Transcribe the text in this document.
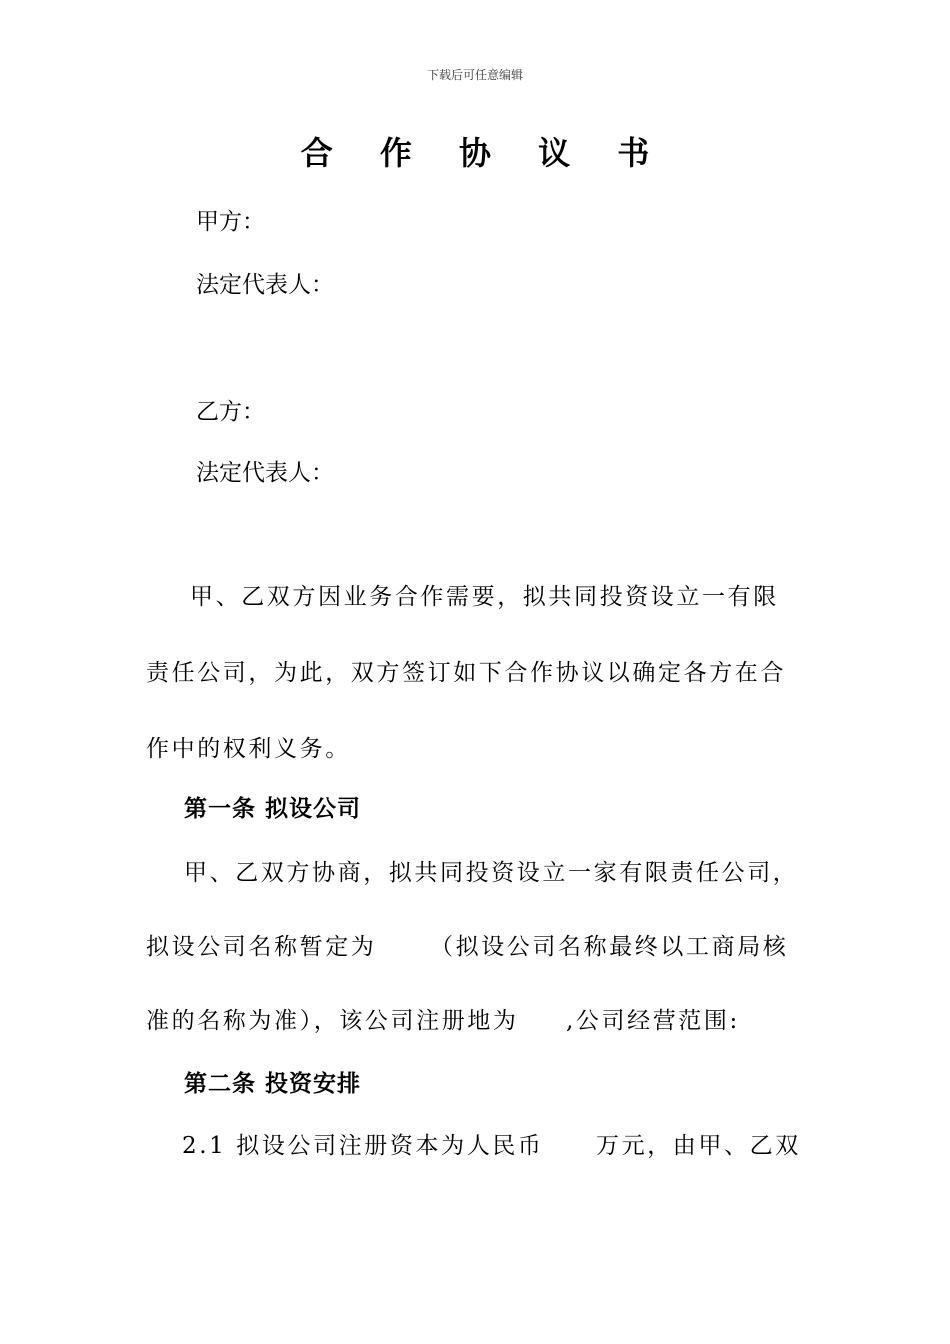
下载后可任意编辑
合 作 协 议 书
甲方：
法定代表人：
乙方：
法定代表人：
甲、乙双方因业务合作需要，拟共同投资设立一有限
责任公司，为此，双方签订如下合作协议以确定各方在合
作中的权利义务。
第一条 拟设公司
甲、乙双方协商，拟共同投资设立一家有限责任公司，
拟设公司名称暂定为 （拟设公司名称最终以工商局核
准的名称为准），该公司注册地为 ,公司经营范围:
第二条 投资安排
2.1 拟设公司注册资本为人民币 万元，由甲、乙双
